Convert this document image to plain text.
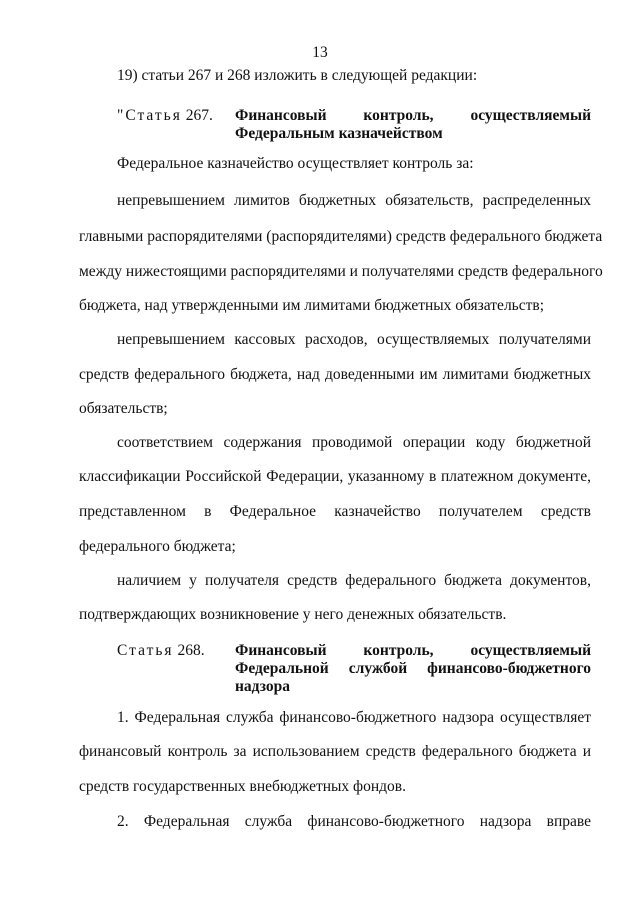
13
19) статьи 267 и 268 изложить в следующей редакции:
"Статья 267. Финансовый контроль, осуществляемый
Федеральным казначейством
Федеральное казначейство осуществляет контроль за:
непревышением лимитов бюджетных обязательств, распределенных
главными распорядителями (распорядителями) средств федерального бюджета
между нижестоящими распорядителями и получателями средств федерального
бюджета, над утвержденными им лимитами бюджетных обязательств;
непревышением кассовых расходов, осуществляемых получателями
средств федерального бюджета, над доведенными им лимитами бюджетных
обязательств;
соответствием содержания проводимой операции коду бюджетной
классификации Российской Федерации, указанному в платежном документе,
представленном в Федеральное казначейство получателем средств
федерального бюджета;
наличием у получателя средств федерального бюджета документов,
подтверждающих возникновение у него денежных обязательств.
Статья 268. Финансовый контроль, осуществляемый
Федеральной службой финансово-бюджетного
надзора
1. Федеральная служба финансово-бюджетного надзора осуществляет
финансовый контроль за использованием средств федерального бюджета и
средств государственных внебюджетных фондов.
2. Федеральная служба финансово-бюджетного надзора вправе
